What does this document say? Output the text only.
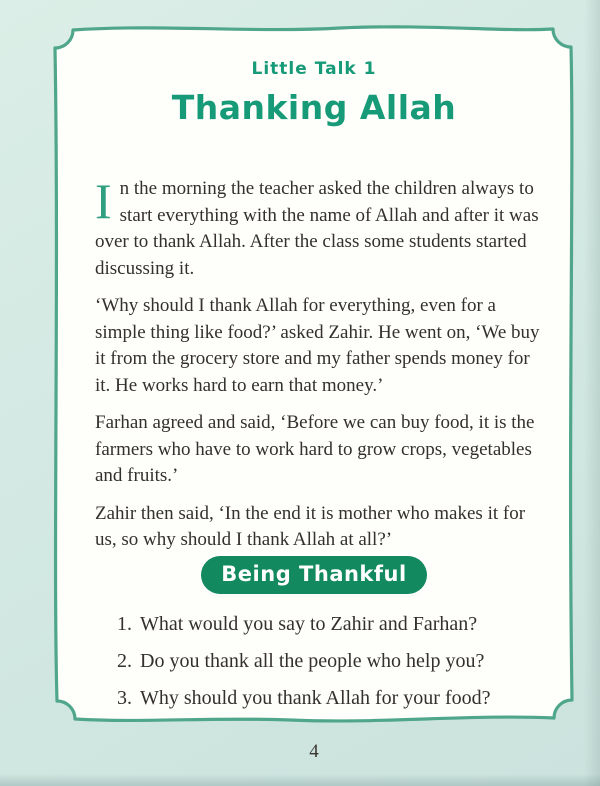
Little Talk 1
Thanking Allah

In the morning the teacher asked the children always to start everything with the name of Allah and after it was over to thank Allah. After the class some students started discussing it.

‘Why should I thank Allah for everything, even for a simple thing like food?’ asked Zahir. He went on, ‘We buy it from the grocery store and my father spends money for it. He works hard to earn that money.’

Farhan agreed and said, ‘Before we can buy food, it is the farmers who have to work hard to grow crops, vegetables and fruits.’

Zahir then said, ‘In the end it is mother who makes it for us, so why should I thank Allah at all?’

Being Thankful
1. What would you say to Zahir and Farhan?
2. Do you thank all the people who help you?
3. Why should you thank Allah for your food?
4
